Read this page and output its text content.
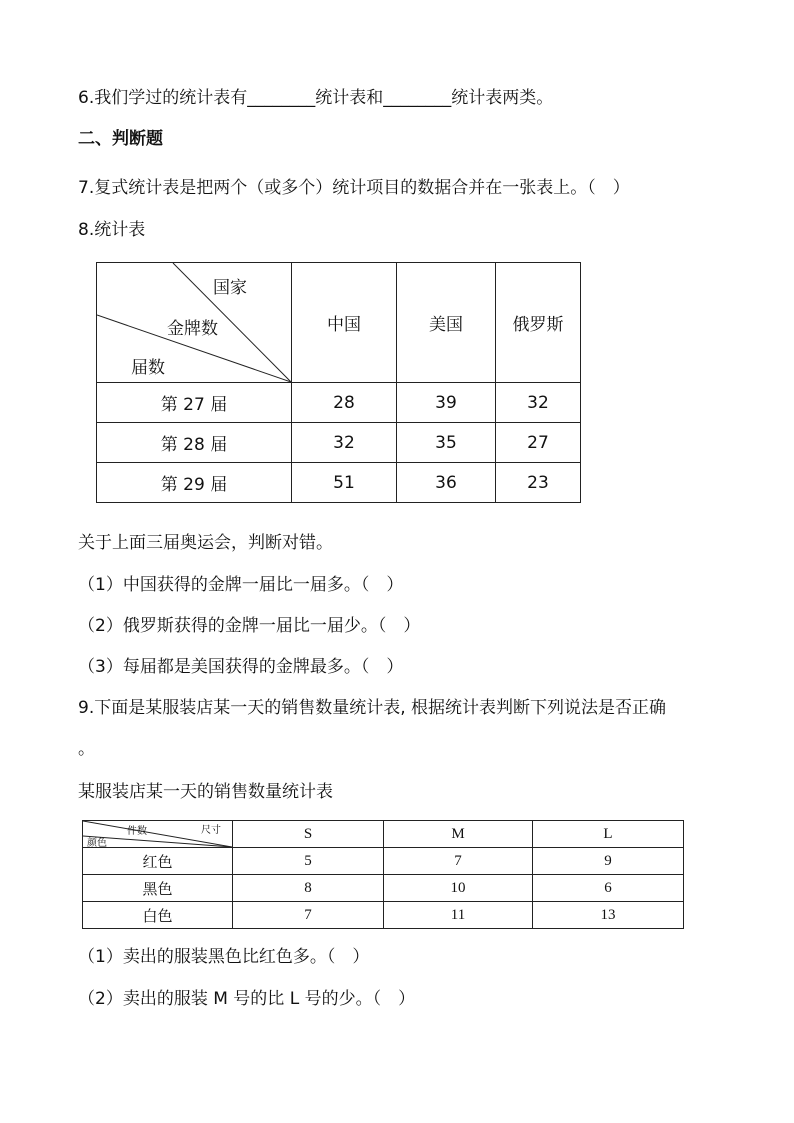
6.我们学过的统计表有________统计表和________统计表两类。
二、判断题
7.复式统计表是把两个（或多个）统计项目的数据合并在一张表上。（　）
8.统计表
国家
金牌数
届数	中国	美国	俄罗斯
第 27 届	28	39	32
第 28 届	32	35	27
第 29 届	51	36	23
关于上面三届奥运会，判断对错。
（1）中国获得的金牌一届比一届多。（　）
（2）俄罗斯获得的金牌一届比一届少。（　）
（3）每届都是美国获得的金牌最多。（　）
9.下面是某服装店某一天的销售数量统计表, 根据统计表判断下列说法是否正确
。
某服装店某一天的销售数量统计表
件数 尺寸
颜色	S	M	L
红色	5	7	9
黑色	8	10	6
白色	7	11	13
（1）卖出的服装黑色比红色多。（　）
（2）卖出的服装 M 号的比 L 号的少。（　）
